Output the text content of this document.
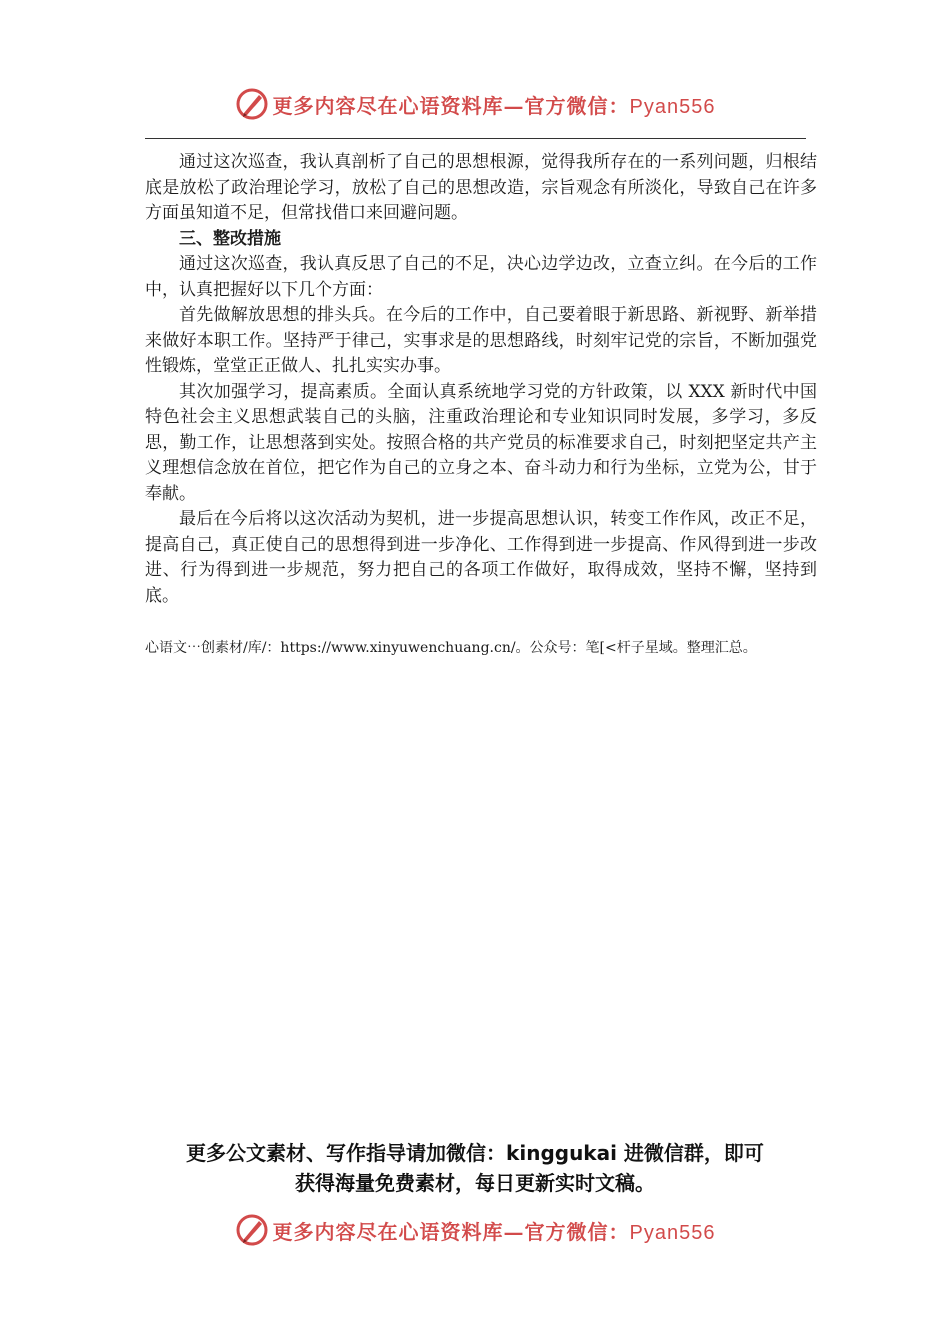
更多内容尽在心语资料库—官方微信：Pyan556

通过这次巡查，我认真剖析了自己的思想根源，觉得我所存在的一系列问题，归根结底是放松了政治理论学习，放松了自己的思想改造，宗旨观念有所淡化，导致自己在许多方面虽知道不足，但常找借口来回避问题。

三、整改措施

通过这次巡查，我认真反思了自己的不足，决心边学边改，立查立纠。在今后的工作中，认真把握好以下几个方面：

首先做解放思想的排头兵。在今后的工作中，自己要着眼于新思路、新视野、新举措来做好本职工作。坚持严于律己，实事求是的思想路线，时刻牢记党的宗旨，不断加强党性锻炼，堂堂正正做人、扎扎实实办事。

其次加强学习，提高素质。全面认真系统地学习党的方针政策，以 XXX 新时代中国特色社会主义思想武装自己的头脑，注重政治理论和专业知识同时发展，多学习，多反思，勤工作，让思想落到实处。按照合格的共产党员的标准要求自己，时刻把坚定共产主义理想信念放在首位，把它作为自己的立身之本、奋斗动力和行为坐标，立党为公，甘于奉献。

最后在今后将以这次活动为契机，进一步提高思想认识，转变工作作风，改正不足，提高自己，真正使自己的思想得到进一步净化、工作得到进一步提高、作风得到进一步改进、行为得到进一步规范，努力把自己的各项工作做好，取得成效，坚持不懈，坚持到底。

心语文⋯创素材/库/：https://www.xinyuwenchuang.cn/。公众号：笔[<杆子星域。整理汇总。
更多公文素材、写作指导请加微信：kinggukai 进微信群，即可
获得海量免费素材，每日更新实时文稿。
更多内容尽在心语资料库—官方微信：Pyan556
